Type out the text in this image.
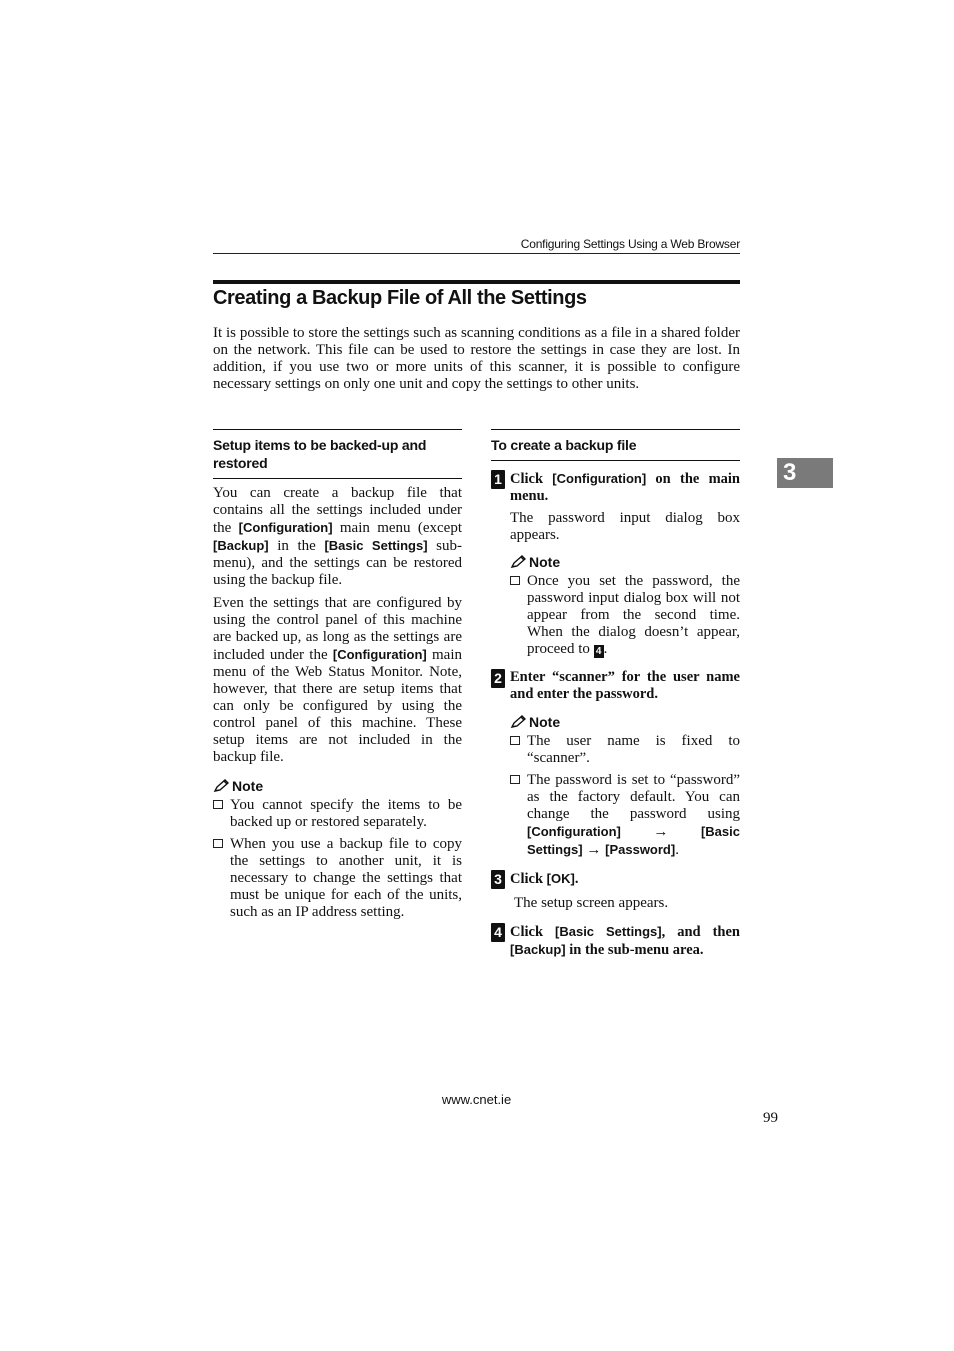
Configuring Settings Using a Web Browser
Creating a Backup File of All the Settings
It is possible to store the settings such as scanning conditions as a file in a shared folder on the network. This file can be used to restore the settings in case they are lost. In addition, if you use two or more units of this scanner, it is possible to configure necessary settings on only one unit and copy the settings to other units.
Setup items to be backed-up and restored
You can create a backup file that contains all the settings included under the [Configuration] main menu (except [Backup] in the [Basic Settings] sub-menu), and the settings can be restored using the backup file.
Even the settings that are configured by using the control panel of this machine are backed up, as long as the settings are included under the [Configuration] main menu of the Web Status Monitor. Note, however, that there are setup items that can only be configured by using the control panel of this machine. These setup items are not included in the backup file.
Note
You cannot specify the items to be backed up or restored separately.
When you use a backup file to copy the settings to another unit, it is necessary to change the settings that must be unique for each of the units, such as an IP address setting.
To create a backup file
1 Click [Configuration] on the main menu.
The password input dialog box appears.
Note
Once you set the password, the password input dialog box will not appear from the second time. When the dialog doesn’t appear, proceed to 4 .
2 Enter “scanner” for the user name and enter the password.
Note
The user name is fixed to “scanner”.
The password is set to “password” as the factory default. You can change the password using [Configuration] → [Basic Settings] → [Password].
3 Click [OK].
The setup screen appears.
4 Click [Basic Settings], and then [Backup] in the sub-menu area.
3
www.cnet.ie
99
